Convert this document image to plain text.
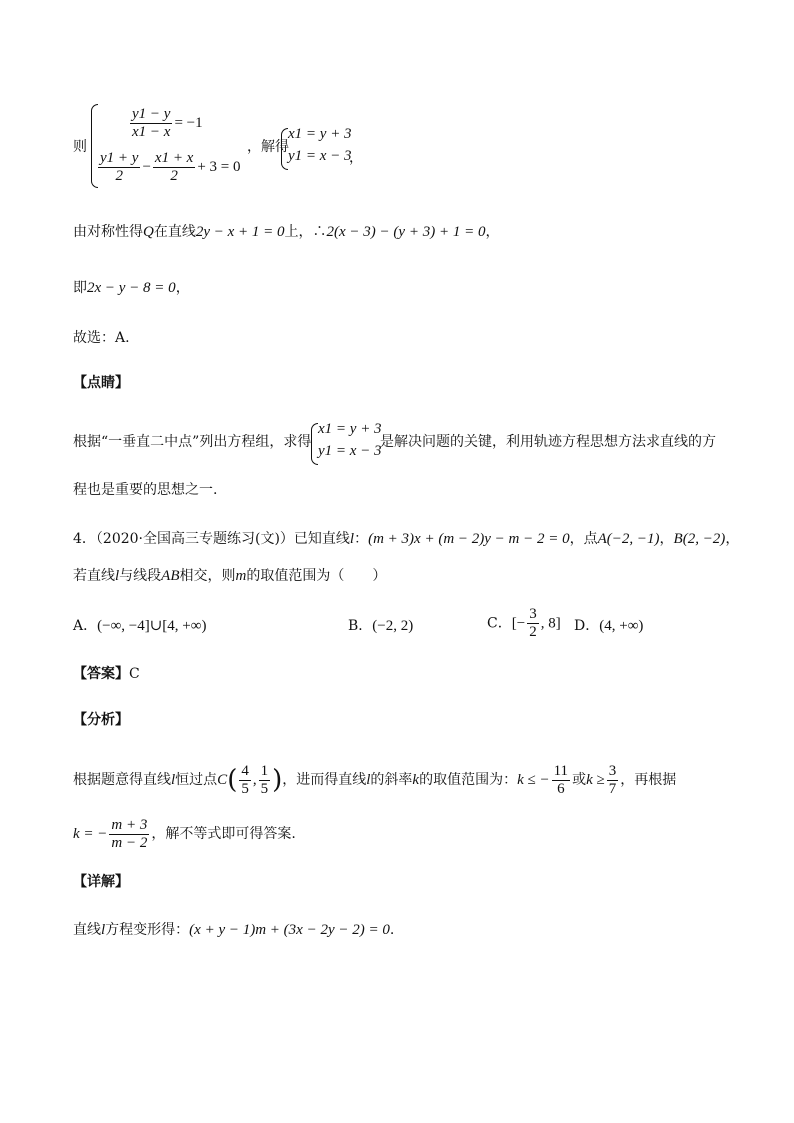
则
$\frac{y1 - y}{x1 - x} = -1$
$\frac{y1 + y}{2} - \frac{x1 + x}{2} + 3 = 0$
，解得
x1 = y + 3
y1 = x − 3
，
由对称性得Q在直线2y − x + 1 = 0上，∴2(x − 3) − (y + 3) + 1 = 0，
即2x − y − 8 = 0，
故选：A.
【点睛】
根据“一垂直二中点”列出方程组，求得
x1 = y + 3
y1 = x − 3
是解决问题的关键，利用轨迹方程思想方法求直线的方
程也是重要的思想之一.
4．（2020·全国高三专题练习(文)）已知直线l：(m + 3)x + (m − 2)y − m − 2 = 0，点A(−2, −1)，B(2, −2)，
若直线l与线段AB相交，则m的取值范围为（　　）
A．(−∞, −4]∪[4, +∞)	B．(−2, 2)	C．[− $\frac{3}{2}$ , 8] D．(4, +∞)
【答案】C
【分析】
根据题意得直线l恒过点$C( \frac{4}{5}$ , $\frac{1}{5}$ )，进而得直线l的斜率k的取值范围为：k ≤ − $\frac{11}{6}$ 或$k \ge \frac{3}{7}$ ，再根据
k = − $\frac{m + 3}{m - 2}$ ，解不等式即可得答案.
【详解】
直线l方程变形得：(x + y − 1)m + (3x − 2y − 2) = 0.
